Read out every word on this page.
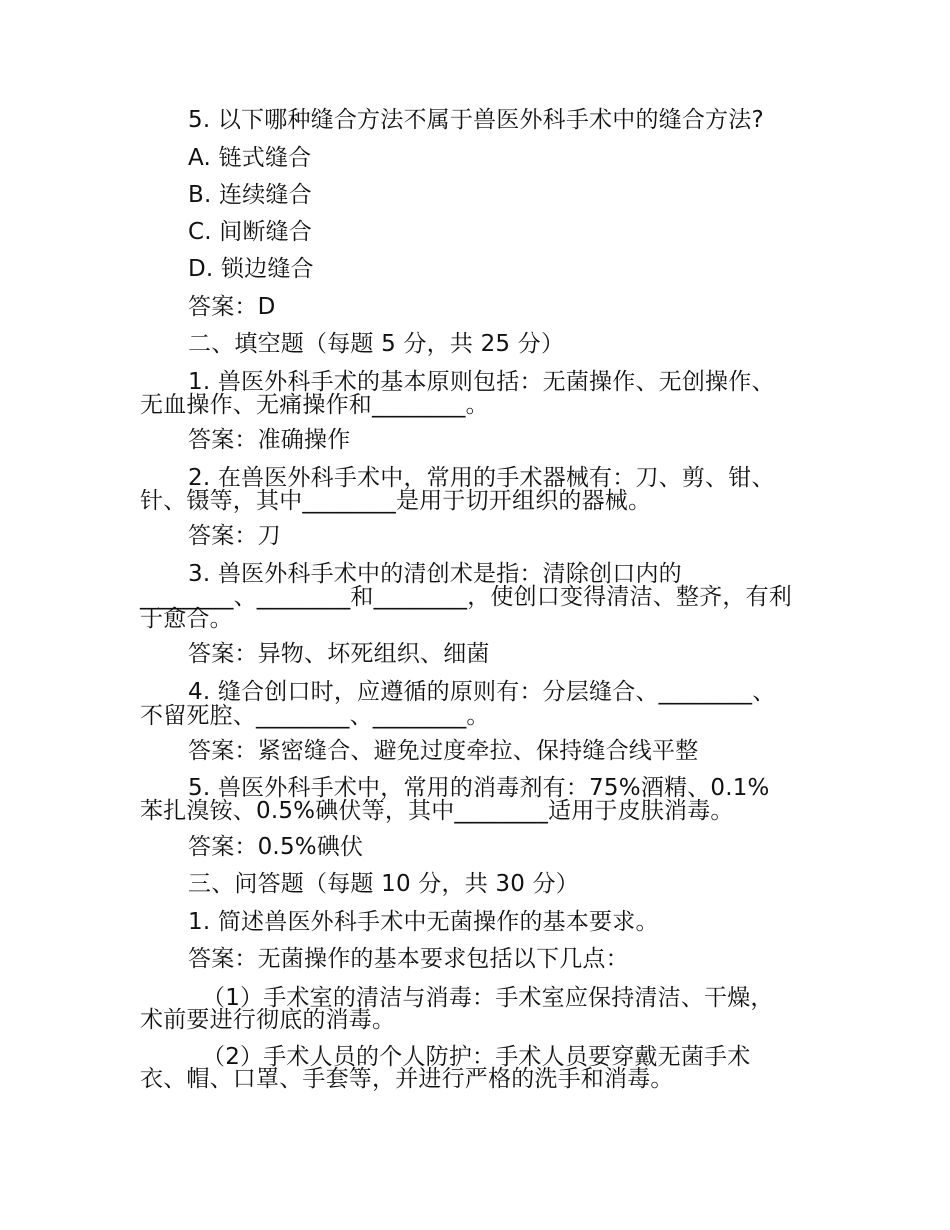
5. 以下哪种缝合方法不属于兽医外科手术中的缝合方法?
A. 链式缝合
B. 连续缝合
C. 间断缝合
D. 锁边缝合
答案：D
二、填空题（每题 5 分，共 25 分）
1. 兽医外科手术的基本原则包括：无菌操作、无创操作、
无血操作、无痛操作和________。
答案：准确操作
2. 在兽医外科手术中，常用的手术器械有：刀、剪、钳、
针、镊等，其中________是用于切开组织的器械。
答案：刀
3. 兽医外科手术中的清创术是指：清除创口内的
________、________和________，使创口变得清洁、整齐，有利
于愈合。
答案：异物、坏死组织、细菌
4. 缝合创口时，应遵循的原则有：分层缝合、________、
不留死腔、________、________。
答案：紧密缝合、避免过度牵拉、保持缝合线平整
5. 兽医外科手术中，常用的消毒剂有：75%酒精、0.1%
苯扎溴铵、0.5%碘伏等，其中________适用于皮肤消毒。
答案：0.5%碘伏
三、问答题（每题 10 分，共 30 分）
1. 简述兽医外科手术中无菌操作的基本要求。
答案：无菌操作的基本要求包括以下几点：
（1）手术室的清洁与消毒：手术室应保持清洁、干燥，
术前要进行彻底的消毒。
（2）手术人员的个人防护：手术人员要穿戴无菌手术
衣、帽、口罩、手套等，并进行严格的洗手和消毒。
